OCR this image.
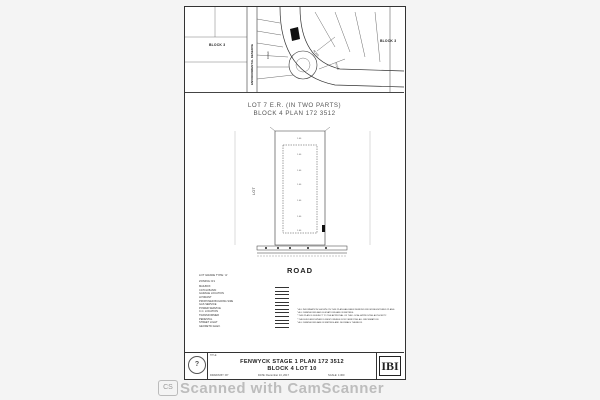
ROAD	ROAD
ROAD
ENVIRONMENTAL RESERVE
BLOCK 3
BLOCK 3
LOT 7 E.R. (IN TWO PARTS)
BLOCK 4 PLAN 172 3512
1.00
1.00
1.00
1.00
1.00
1.00
1.00
LOT
ROAD
LOT GRADE TYPE: 'A'
ZONING: R1
MAILBOX
CATCH BASIN
GARAGE LOCATION
HYDRANT
PROPOSED BUILDING SIZE
GAS SERVICE
POWER SERVICE
C.C. LOCATION
TRANSFORMER
PEDESTAL
STREET LIGHT
GEODETIC ELEV.
* ALL INFORMATION SHOWN ON THIS PLAN HAS BEEN DERIVED FROM REGISTERED PLANS.
* ALL DIMENSIONS AND ELEVATIONS ARE IN METRES.
* THIS PLAN IS SUBJECT TO THE APPROVAL OF THE LOCAL APPROVING AUTHORITY.
* THE BUILDER/OWNER IS RESPONSIBLE FOR VERIFYING ALL INFORMATION.
* ALL DIMENSIONS ARE IN METRES AND DECIMALS THEREOF.
?
TITLE
FENWYCK STAGE 1 PLAN 172 3512
BLOCK 4 LOT 10
DRAWN BY: R7	DATE: December 13, 2017	SCALE: 1:300
IBI
CS Scanned with CamScanner
